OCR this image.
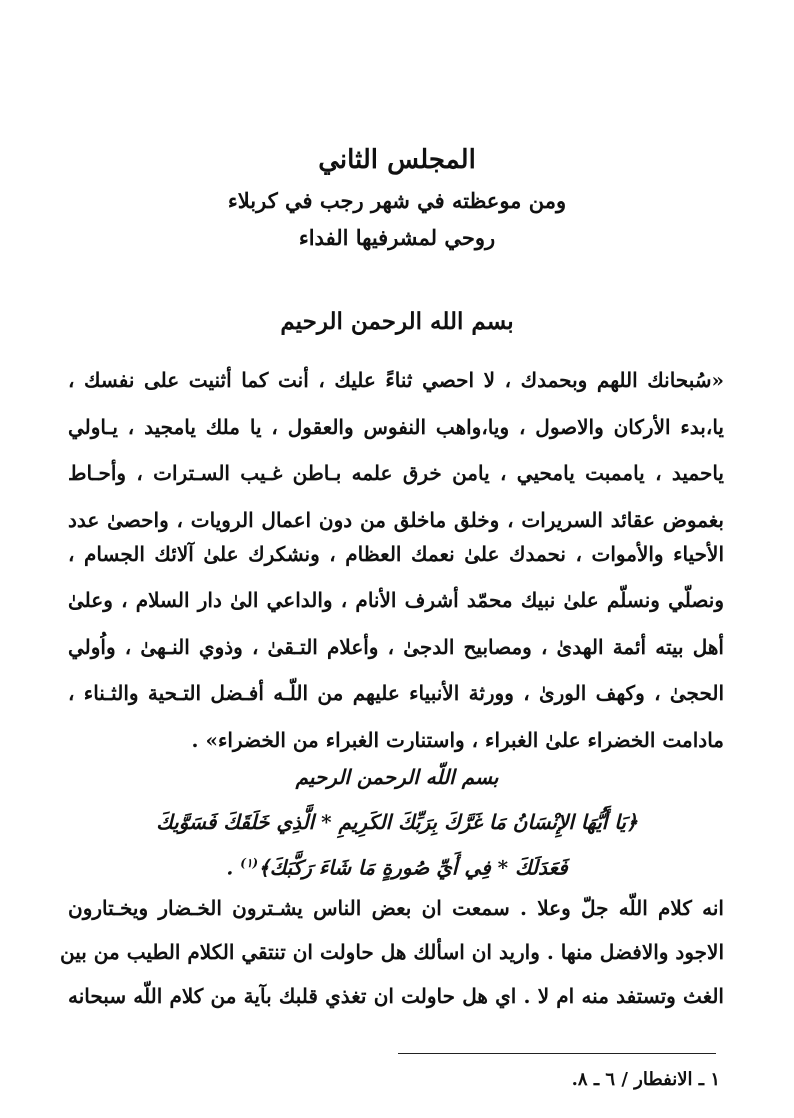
المجلس الثاني
ومن موعظته في شهر رجب في كربلاء
روحي لمشرفيها الفداء
بسم الله الرحمن الرحيم

«سُبحانك اللهم وبحمدك ، لا احصي ثناءً عليك ، أنت كما أثنيت على نفسك ،

يا،بدء الأركان والاصول ، ويا،واهب النفوس والعقول ، يا ملك يامجيد ، يـاولي

ياحميد ، ياممبت يامحيي ، يامن خرق علمه بـاطن غـيب السـترات ، وأحـاط

بغموض عقائد السريرات ، وخلق ماخلق من دون اعمال الرويات ، واحصىٰ عدد

الأحياء والأموات ، نحمدك علىٰ نعمك العظام ، ونشكرك علىٰ آلائك الجسام ،

ونصلّي ونسلّم علىٰ نبيك محمّد أشرف الأنام ، والداعي الىٰ دار السلام ، وعلىٰ

أهل بيته أئمة الهدىٰ ، ومصابيح الدجىٰ ، وأعلام التـقىٰ ، وذوي النـهىٰ ، واُولي

الحجىٰ ، وكهف الورىٰ ، وورثة الأنبياء عليهم من اللّـه أفـضل التـحية والثـناء ،

مادامت الخضراء علىٰ الغبراء ، واستنارت الغبراء من الخضراء» .

بسم اللّه الرحمن الرحيم

﴿يَا أَيُّهَا الإِنْسَانُ مَا غَرَّكَ بِرَبِّكَ الكَرِيمِ * الَّذِي خَلَقَكَ فَسَوَّيكَ

فَعَدَلَكَ * فِي أَيِّ صُورةٍ مَا شَاءَ رَكَّبَكَ﴾$^{(١)}$ .

انه كلام اللّه جلّ وعلا . سمعت ان بعض الناس يشـترون الخـضار ويخـتارون

الاجود والافضل منها . واريد ان اسألك هل حاولت ان تنتقي الكلام الطيب من بين

الغث وتستفد منه ام لا . اي هل حاولت ان تغذي قلبك بآية من كلام اللّه سبحانه

١ ـ الانفطار / ٦ ـ ٨.
